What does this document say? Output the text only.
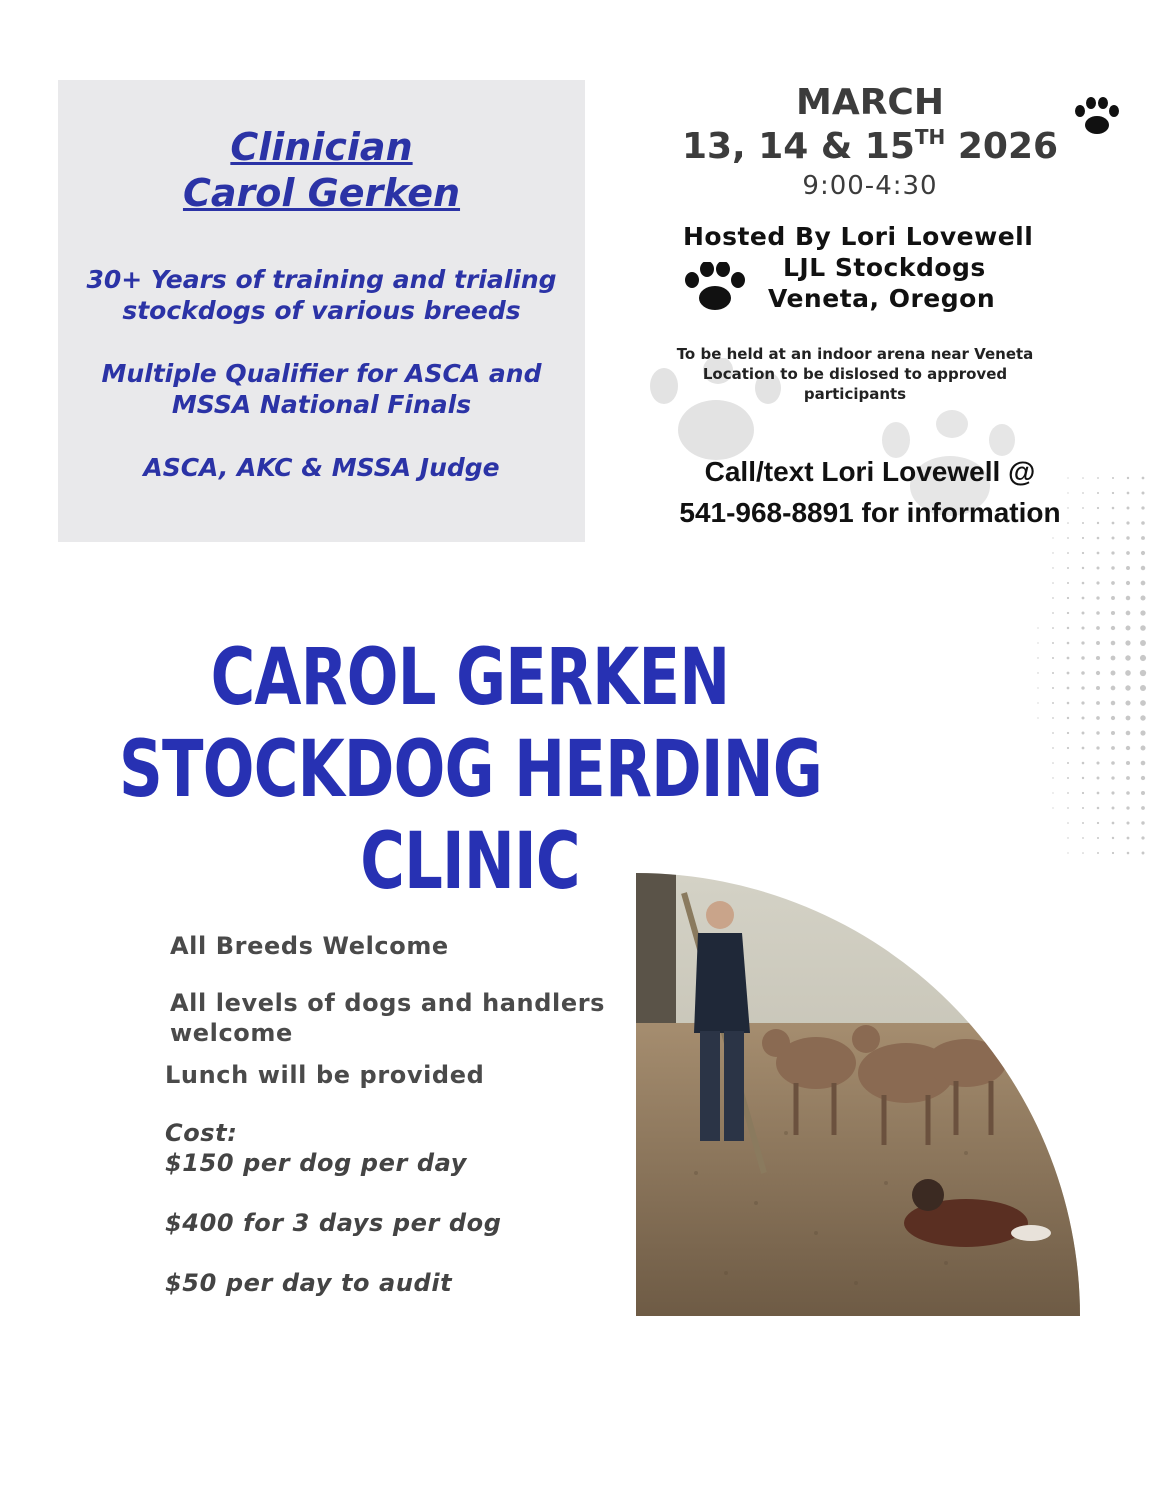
Clinician
Carol Gerken
30+ Years of training and trialing
stockdogs of various breeds
Multiple Qualifier for ASCA and
MSSA National Finals
ASCA, AKC & MSSA Judge
MARCH
13, 14 & 15TH 2026
9:00-4:30
Hosted By Lori Lovewell
LJL Stockdogs
Veneta, Oregon
To be held at an indoor arena near Veneta
Location to be dislosed to approved
participants
Call/text Lori Lovewell @
541-968-8891 for information
CAROL GERKEN
STOCKDOG HERDING
CLINIC
All Breeds Welcome
All levels of dogs and handlers
welcome
Lunch will be provided
Cost:
$150 per dog per day
$400 for 3 days per dog
$50 per day to audit
